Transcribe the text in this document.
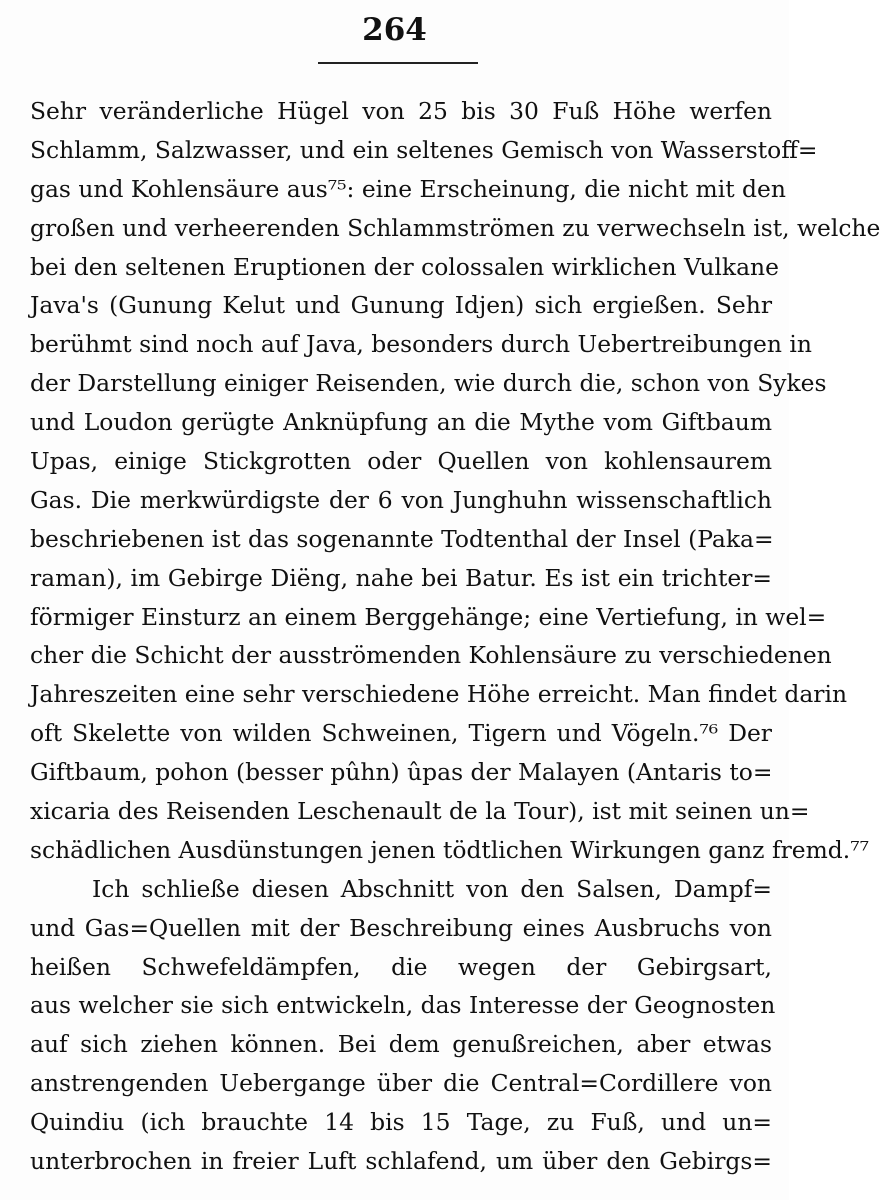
264
Sehr veränderliche Hügel von 25 bis 30 Fuß Höhe werfen
Schlamm, Salzwasser, und ein seltenes Gemisch von Wasserstoff=
gas und Kohlensäure aus⁷⁵: eine Erscheinung, die nicht mit den
großen und verheerenden Schlammströmen zu verwechseln ist, welche
bei den seltenen Eruptionen der colossalen wirklichen Vulkane
Java's (Gunung Kelut und Gunung Idjen) sich ergießen. Sehr
berühmt sind noch auf Java, besonders durch Uebertreibungen in
der Darstellung einiger Reisenden, wie durch die, schon von Sykes
und Loudon gerügte Anknüpfung an die Mythe vom Giftbaum
Upas, einige Stickgrotten oder Quellen von kohlensaurem
Gas. Die merkwürdigste der 6 von Junghuhn wissenschaftlich
beschriebenen ist das sogenannte Todtenthal der Insel (Paka=
raman), im Gebirge Diëng, nahe bei Batur. Es ist ein trichter=
förmiger Einsturz an einem Berggehänge; eine Vertiefung, in wel=
cher die Schicht der ausströmenden Kohlensäure zu verschiedenen
Jahreszeiten eine sehr verschiedene Höhe erreicht. Man findet darin
oft Skelette von wilden Schweinen, Tigern und Vögeln.⁷⁶ Der
Giftbaum, pohon (besser pûhn) ûpas der Malayen (Antaris to=
xicaria des Reisenden Leschenault de la Tour), ist mit seinen un=
schädlichen Ausdünstungen jenen tödtlichen Wirkungen ganz fremd.⁷⁷
Ich schließe diesen Abschnitt von den Salsen, Dampf=
und Gas=Quellen mit der Beschreibung eines Ausbruchs von
heißen Schwefeldämpfen, die wegen der Gebirgsart,
aus welcher sie sich entwickeln, das Interesse der Geognosten
auf sich ziehen können. Bei dem genußreichen, aber etwas
anstrengenden Uebergange über die Central=Cordillere von
Quindiu (ich brauchte 14 bis 15 Tage, zu Fuß, und un=
unterbrochen in freier Luft schlafend, um über den Gebirgs=
